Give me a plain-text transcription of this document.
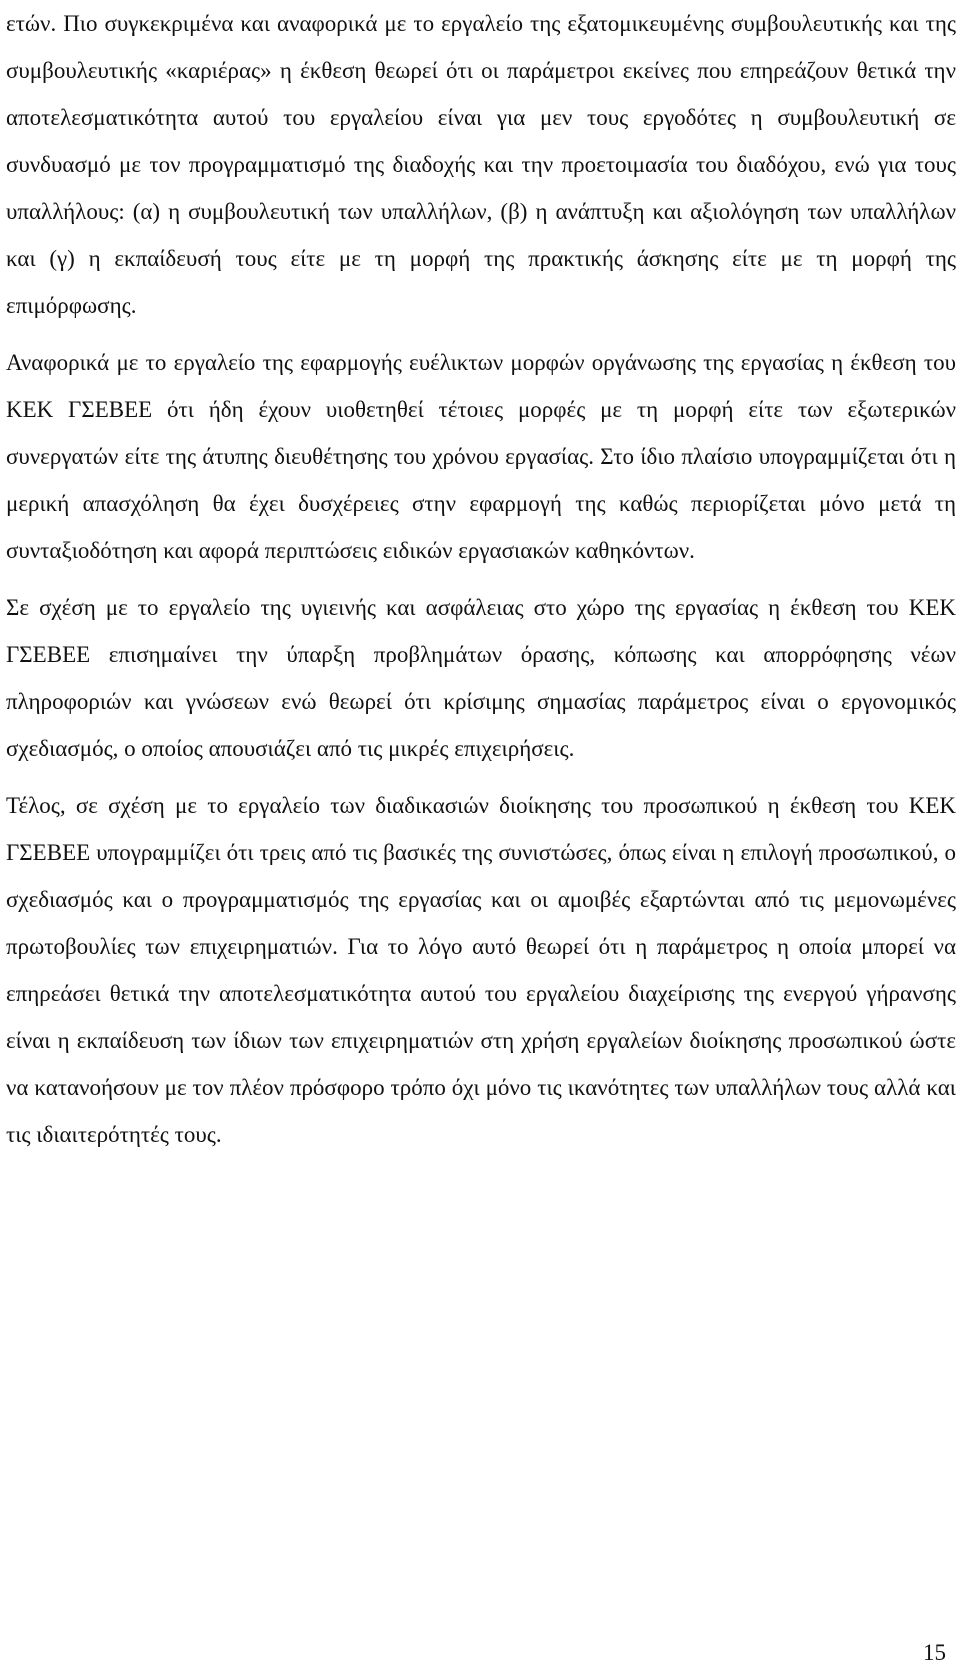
ετών. Πιο συγκεκριμένα και αναφορικά με το εργαλείο της εξατομικευμένης συμβουλευτικής και της συμβουλευτικής «καριέρας» η έκθεση θεωρεί ότι οι παράμετροι εκείνες που επηρεάζουν θετικά την αποτελεσματικότητα αυτού του εργαλείου είναι για μεν τους εργοδότες η συμβουλευτική σε συνδυασμό με τον προγραμματισμό της διαδοχής και την προετοιμασία του διαδόχου, ενώ για τους υπαλλήλους: (α) η συμβουλευτική των υπαλλήλων, (β) η ανάπτυξη και αξιολόγηση των υπαλλήλων και (γ) η εκπαίδευσή τους είτε με τη μορφή της πρακτικής άσκησης είτε με τη μορφή της επιμόρφωσης.

Αναφορικά με το εργαλείο της εφαρμογής ευέλικτων μορφών οργάνωσης της εργασίας η έκθεση του ΚΕΚ ΓΣΕΒΕΕ ότι ήδη έχουν υιοθετηθεί τέτοιες μορφές με τη μορφή είτε των εξωτερικών συνεργατών είτε της άτυπης διευθέτησης του χρόνου εργασίας. Στο ίδιο πλαίσιο υπογραμμίζεται ότι η μερική απασχόληση θα έχει δυσχέρειες στην εφαρμογή της καθώς περιορίζεται μόνο μετά τη συνταξιοδότηση και αφορά περιπτώσεις ειδικών εργασιακών καθηκόντων.

Σε σχέση με το εργαλείο της υγιεινής και ασφάλειας στο χώρο της εργασίας η έκθεση του ΚΕΚ ΓΣΕΒΕΕ επισημαίνει την ύπαρξη προβλημάτων όρασης, κόπωσης και απορρόφησης νέων πληροφοριών και γνώσεων ενώ θεωρεί ότι κρίσιμης σημασίας παράμετρος είναι ο εργονομικός σχεδιασμός, ο οποίος απουσιάζει από τις μικρές επιχειρήσεις.

Τέλος, σε σχέση με το εργαλείο των διαδικασιών διοίκησης του προσωπικού η έκθεση του ΚΕΚ ΓΣΕΒΕΕ υπογραμμίζει ότι τρεις από τις βασικές της συνιστώσες, όπως είναι η επιλογή προσωπικού, ο σχεδιασμός και ο προγραμματισμός της εργασίας και οι αμοιβές εξαρτώνται από τις μεμονωμένες πρωτοβουλίες των επιχειρηματιών. Για το λόγο αυτό θεωρεί ότι η παράμετρος η οποία μπορεί να επηρεάσει θετικά την αποτελεσματικότητα αυτού του εργαλείου διαχείρισης της ενεργού γήρανσης είναι η εκπαίδευση των ίδιων των επιχειρηματιών στη χρήση εργαλείων διοίκησης προσωπικού ώστε να κατανοήσουν με τον πλέον πρόσφορο τρόπο όχι μόνο τις ικανότητες των υπαλλήλων τους αλλά και τις ιδιαιτερότητές τους.

15
